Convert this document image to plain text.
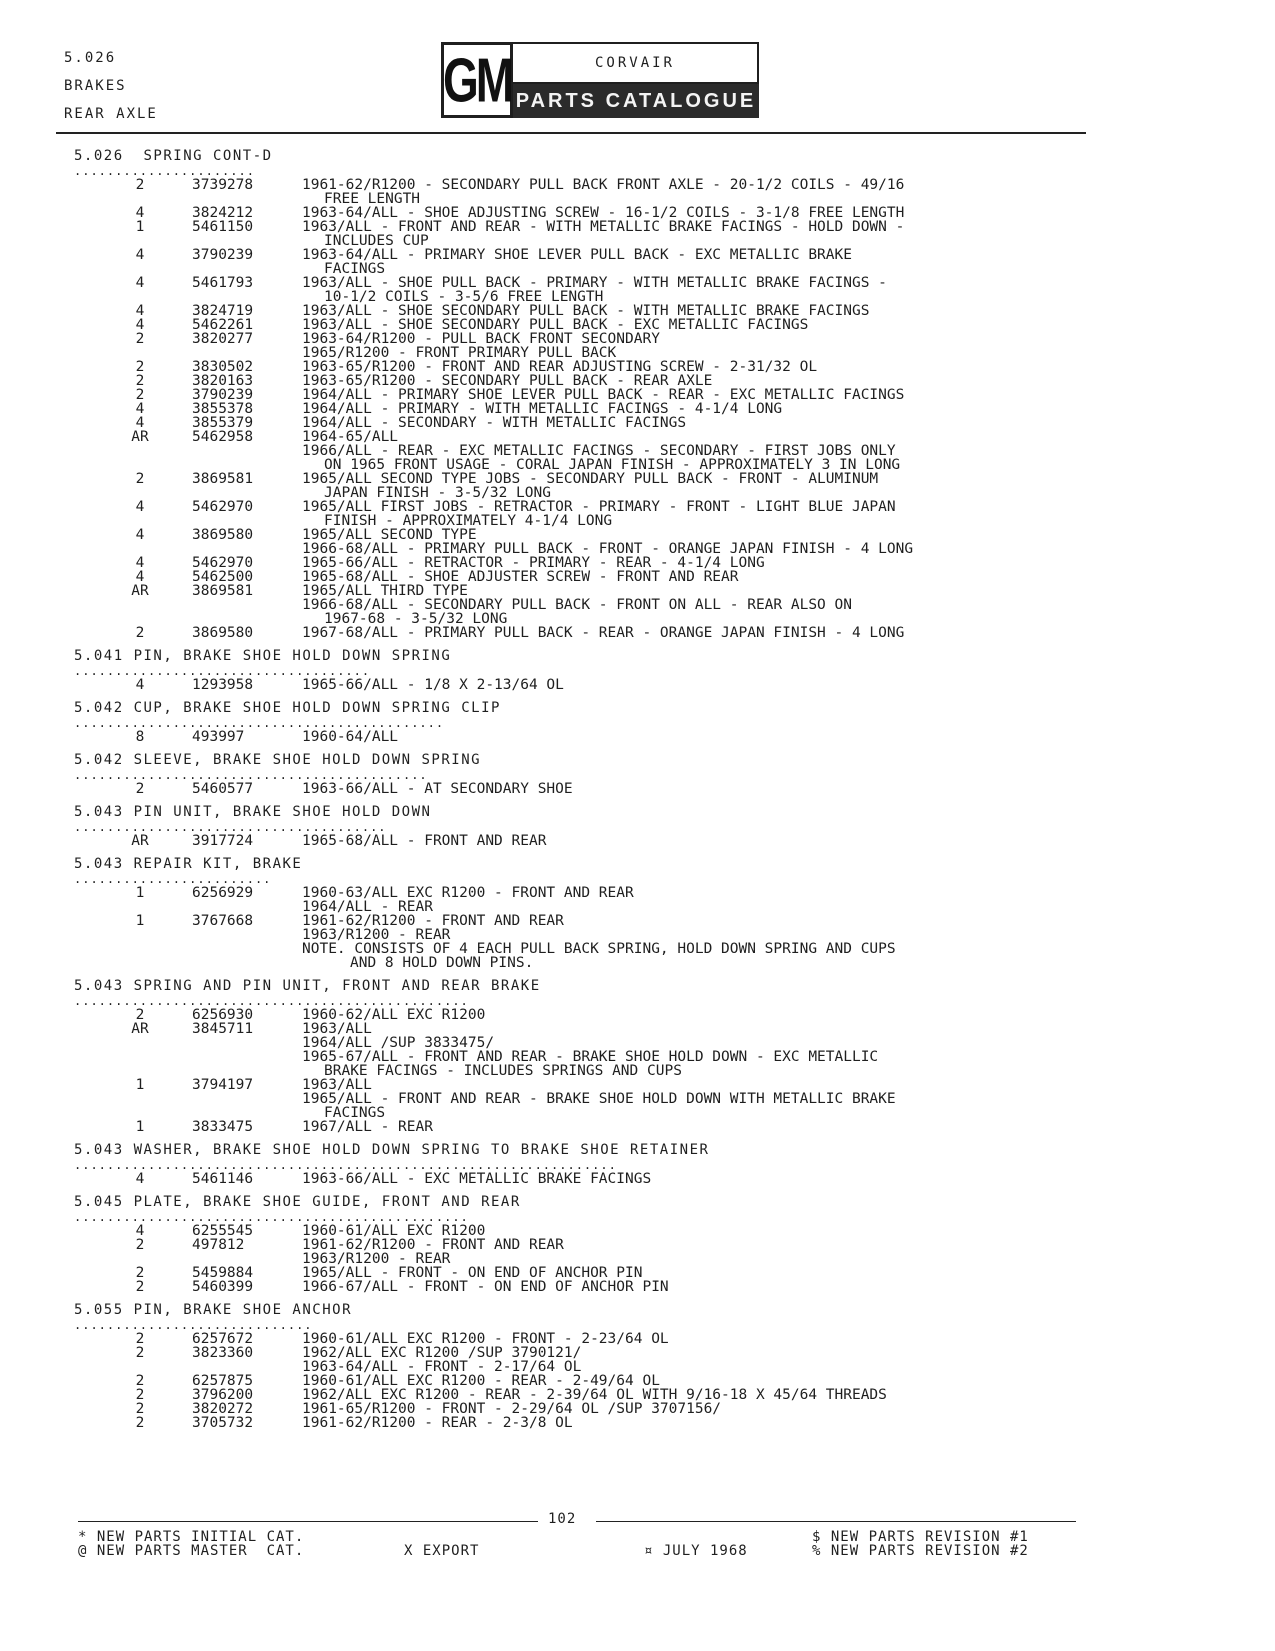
5.026
BRAKES
REAR AXLE	GM	CORVAIR
PARTS CATALOGUE
5.026  SPRING CONT-D
......................
2	3739278	1961-62/R1200 - SECONDARY PULL BACK FRONT AXLE - 20-1/2 COILS - 49/16
FREE LENGTH
4	3824212	1963-64/ALL - SHOE ADJUSTING SCREW - 16-1/2 COILS - 3-1/8 FREE LENGTH
1	5461150	1963/ALL - FRONT AND REAR - WITH METALLIC BRAKE FACINGS - HOLD DOWN -
INCLUDES CUP
4	3790239	1963-64/ALL - PRIMARY SHOE LEVER PULL BACK - EXC METALLIC BRAKE
FACINGS
4	5461793	1963/ALL - SHOE PULL BACK - PRIMARY - WITH METALLIC BRAKE FACINGS -
10-1/2 COILS - 3-5/6 FREE LENGTH
4	3824719	1963/ALL - SHOE SECONDARY PULL BACK - WITH METALLIC BRAKE FACINGS
4	5462261	1963/ALL - SHOE SECONDARY PULL BACK - EXC METALLIC FACINGS
2	3820277	1963-64/R1200 - PULL BACK FRONT SECONDARY
1965/R1200 - FRONT PRIMARY PULL BACK
2	3830502	1963-65/R1200 - FRONT AND REAR ADJUSTING SCREW - 2-31/32 OL
2	3820163	1963-65/R1200 - SECONDARY PULL BACK - REAR AXLE
2	3790239	1964/ALL - PRIMARY SHOE LEVER PULL BACK - REAR - EXC METALLIC FACINGS
4	3855378	1964/ALL - PRIMARY - WITH METALLIC FACINGS - 4-1/4 LONG
4	3855379	1964/ALL - SECONDARY - WITH METALLIC FACINGS
AR	5462958	1964-65/ALL
1966/ALL - REAR - EXC METALLIC FACINGS - SECONDARY - FIRST JOBS ONLY
ON 1965 FRONT USAGE - CORAL JAPAN FINISH - APPROXIMATELY 3 IN LONG
2	3869581	1965/ALL SECOND TYPE JOBS - SECONDARY PULL BACK - FRONT - ALUMINUM
JAPAN FINISH - 3-5/32 LONG
4	5462970	1965/ALL FIRST JOBS - RETRACTOR - PRIMARY - FRONT - LIGHT BLUE JAPAN
FINISH - APPROXIMATELY 4-1/4 LONG
4	3869580	1965/ALL SECOND TYPE
1966-68/ALL - PRIMARY PULL BACK - FRONT - ORANGE JAPAN FINISH - 4 LONG
4	5462970	1965-66/ALL - RETRACTOR - PRIMARY - REAR - 4-1/4 LONG
4	5462500	1965-68/ALL - SHOE ADJUSTER SCREW - FRONT AND REAR
AR	3869581	1965/ALL THIRD TYPE
1966-68/ALL - SECONDARY PULL BACK - FRONT ON ALL - REAR ALSO ON
1967-68 - 3-5/32 LONG
2	3869580	1967-68/ALL - PRIMARY PULL BACK - REAR - ORANGE JAPAN FINISH - 4 LONG
5.041 PIN, BRAKE SHOE HOLD DOWN SPRING
....................................
4	1293958	1965-66/ALL - 1/8 X 2-13/64 OL
5.042 CUP, BRAKE SHOE HOLD DOWN SPRING CLIP
.............................................
8	493997	1960-64/ALL
5.042 SLEEVE, BRAKE SHOE HOLD DOWN SPRING
...........................................
2	5460577	1963-66/ALL - AT SECONDARY SHOE
5.043 PIN UNIT, BRAKE SHOE HOLD DOWN
......................................
AR	3917724	1965-68/ALL - FRONT AND REAR
5.043 REPAIR KIT, BRAKE
........................
1	6256929	1960-63/ALL EXC R1200 - FRONT AND REAR
1964/ALL - REAR
1	3767668	1961-62/R1200 - FRONT AND REAR
1963/R1200 - REAR
NOTE. CONSISTS OF 4 EACH PULL BACK SPRING, HOLD DOWN SPRING AND CUPS
AND 8 HOLD DOWN PINS.
5.043 SPRING AND PIN UNIT, FRONT AND REAR BRAKE
................................................
2	6256930	1960-62/ALL EXC R1200
AR	3845711	1963/ALL
1964/ALL /SUP 3833475/
1965-67/ALL - FRONT AND REAR - BRAKE SHOE HOLD DOWN - EXC METALLIC
BRAKE FACINGS - INCLUDES SPRINGS AND CUPS
1	3794197	1963/ALL
1965/ALL - FRONT AND REAR - BRAKE SHOE HOLD DOWN WITH METALLIC BRAKE
FACINGS
1	3833475	1967/ALL - REAR
5.043 WASHER, BRAKE SHOE HOLD DOWN SPRING TO BRAKE SHOE RETAINER
..................................................................
4	5461146	1963-66/ALL - EXC METALLIC BRAKE FACINGS
5.045 PLATE, BRAKE SHOE GUIDE, FRONT AND REAR
................................................
4	6255545	1960-61/ALL EXC R1200
2	497812	1961-62/R1200 - FRONT AND REAR
1963/R1200 - REAR
2	5459884	1965/ALL - FRONT - ON END OF ANCHOR PIN
2	5460399	1966-67/ALL - FRONT - ON END OF ANCHOR PIN
5.055 PIN, BRAKE SHOE ANCHOR
.............................
2	6257672	1960-61/ALL EXC R1200 - FRONT - 2-23/64 OL
2	3823360	1962/ALL EXC R1200 /SUP 3790121/
1963-64/ALL - FRONT - 2-17/64 OL
2	6257875	1960-61/ALL EXC R1200 - REAR - 2-49/64 OL
2	3796200	1962/ALL EXC R1200 - REAR - 2-39/64 OL WITH 9/16-18 X 45/64 THREADS
2	3820272	1961-65/R1200 - FRONT - 2-29/64 OL /SUP 3707156/
2	3705732	1961-62/R1200 - REAR - 2-3/8 OL
102
* NEW PARTS INITIAL CAT.
@ NEW PARTS MASTER  CAT.	X EXPORT	¤ JULY 1968
$ NEW PARTS REVISION #1
% NEW PARTS REVISION #2
